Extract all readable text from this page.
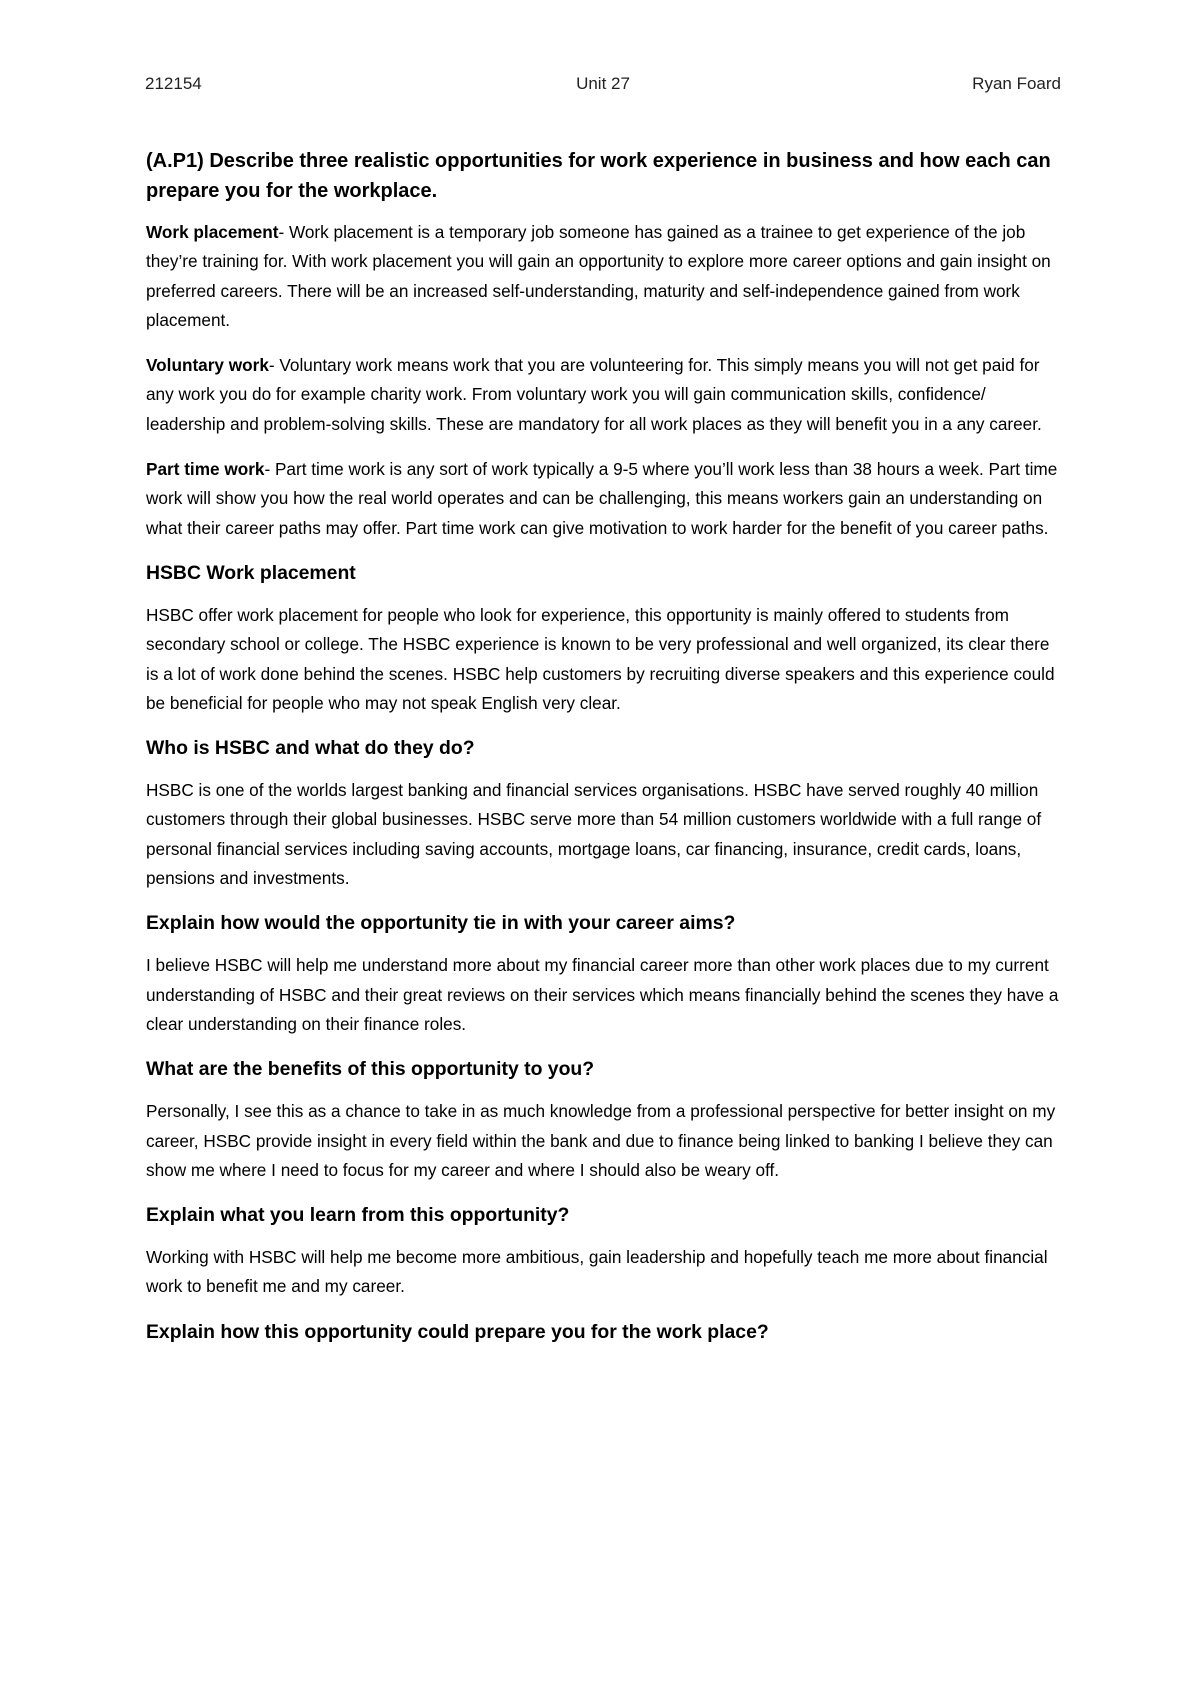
212154	Unit 27	Ryan Foard
(A.P1) Describe three realistic opportunities for work experience in business and how each can prepare you for the workplace.

Work placement- Work placement is a temporary job someone has gained as a trainee to get experience of the job they’re training for. With work placement you will gain an opportunity to explore more career options and gain insight on preferred careers. There will be an increased self-understanding, maturity and self-independence gained from work placement.

Voluntary work- Voluntary work means work that you are volunteering for. This simply means you will not get paid for any work you do for example charity work. From voluntary work you will gain communication skills, confidence/ leadership and problem-solving skills. These are mandatory for all work places as they will benefit you in a any career.

Part time work- Part time work is any sort of work typically a 9-5 where you’ll work less than 38 hours a week. Part time work will show you how the real world operates and can be challenging, this means workers gain an understanding on what their career paths may offer. Part time work can give motivation to work harder for the benefit of you career paths.

HSBC Work placement

HSBC offer work placement for people who look for experience, this opportunity is mainly offered to students from secondary school or college. The HSBC experience is known to be very professional and well organized, its clear there is a lot of work done behind the scenes. HSBC help customers by recruiting diverse speakers and this experience could be beneficial for people who may not speak English very clear.

Who is HSBC and what do they do?

HSBC is one of the worlds largest banking and financial services organisations. HSBC have served roughly 40 million customers through their global businesses. HSBC serve more than 54 million customers worldwide with a full range of personal financial services including saving accounts, mortgage loans, car financing, insurance, credit cards, loans, pensions and investments.

Explain how would the opportunity tie in with your career aims?

I believe HSBC will help me understand more about my financial career more than other work places due to my current understanding of HSBC and their great reviews on their services which means financially behind the scenes they have a clear understanding on their finance roles.

What are the benefits of this opportunity to you?

Personally, I see this as a chance to take in as much knowledge from a professional perspective for better insight on my career, HSBC provide insight in every field within the bank and due to finance being linked to banking I believe they can show me where I need to focus for my career and where I should also be weary off.

Explain what you learn from this opportunity?

Working with HSBC will help me become more ambitious, gain leadership and hopefully teach me more about financial work to benefit me and my career.

Explain how this opportunity could prepare you for the work place?
